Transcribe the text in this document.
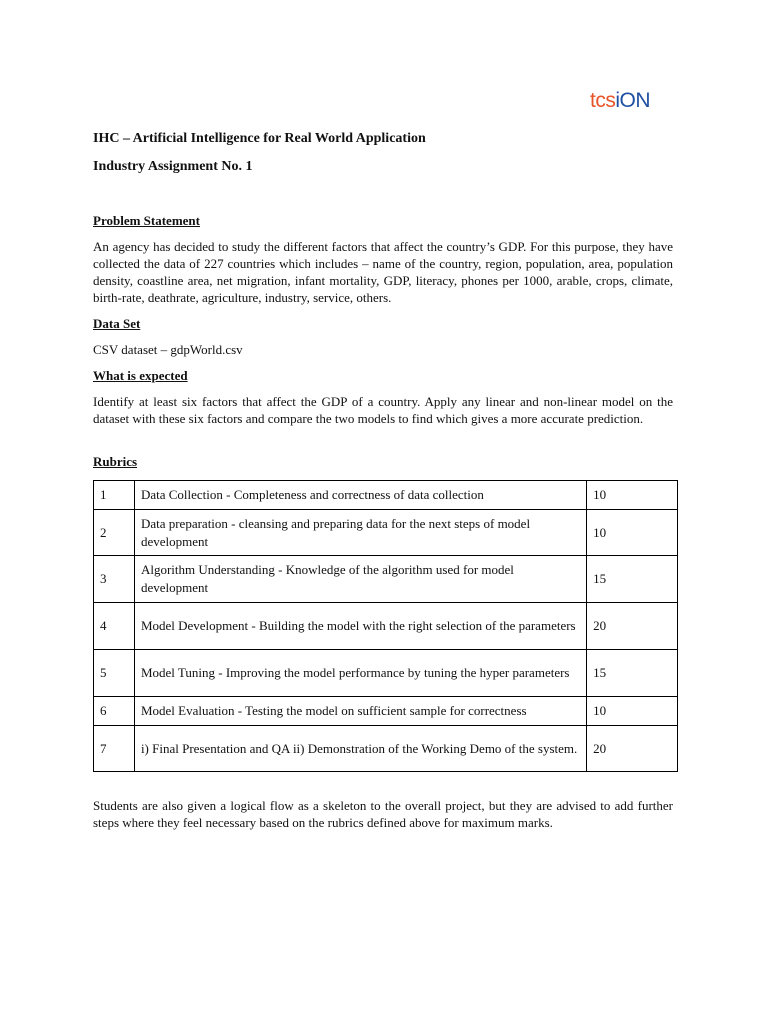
tcsiON
IHC – Artificial Intelligence for Real World Application
Industry Assignment No. 1
Problem Statement
An agency has decided to study the different factors that affect the country’s GDP. For this purpose, they have collected the data of 227 countries which includes – name of the country, region, population, area, population density, coastline area, net migration, infant mortality, GDP, literacy, phones per 1000, arable, crops, climate, birth-rate, deathrate, agriculture, industry, service, others.
Data Set
CSV dataset – gdpWorld.csv
What is expected
Identify at least six factors that affect the GDP of a country. Apply any linear and non-linear model on the dataset with these six factors and compare the two models to find which gives a more accurate prediction.
Rubrics
1	Data Collection - Completeness and correctness of data collection	10
2	Data preparation - cleansing and preparing data for the next steps of model development	10
3	Algorithm Understanding - Knowledge of the algorithm used for model development	15
4	Model Development - Building the model with the right selection of the parameters	20
5	Model Tuning - Improving the model performance by tuning the hyper parameters	15
6	Model Evaluation - Testing the model on sufficient sample for correctness	10
7	i) Final Presentation and QA ii) Demonstration of the Working Demo of the system.	20
Students are also given a logical flow as a skeleton to the overall project, but they are advised to add further steps where they feel necessary based on the rubrics defined above for maximum marks.
